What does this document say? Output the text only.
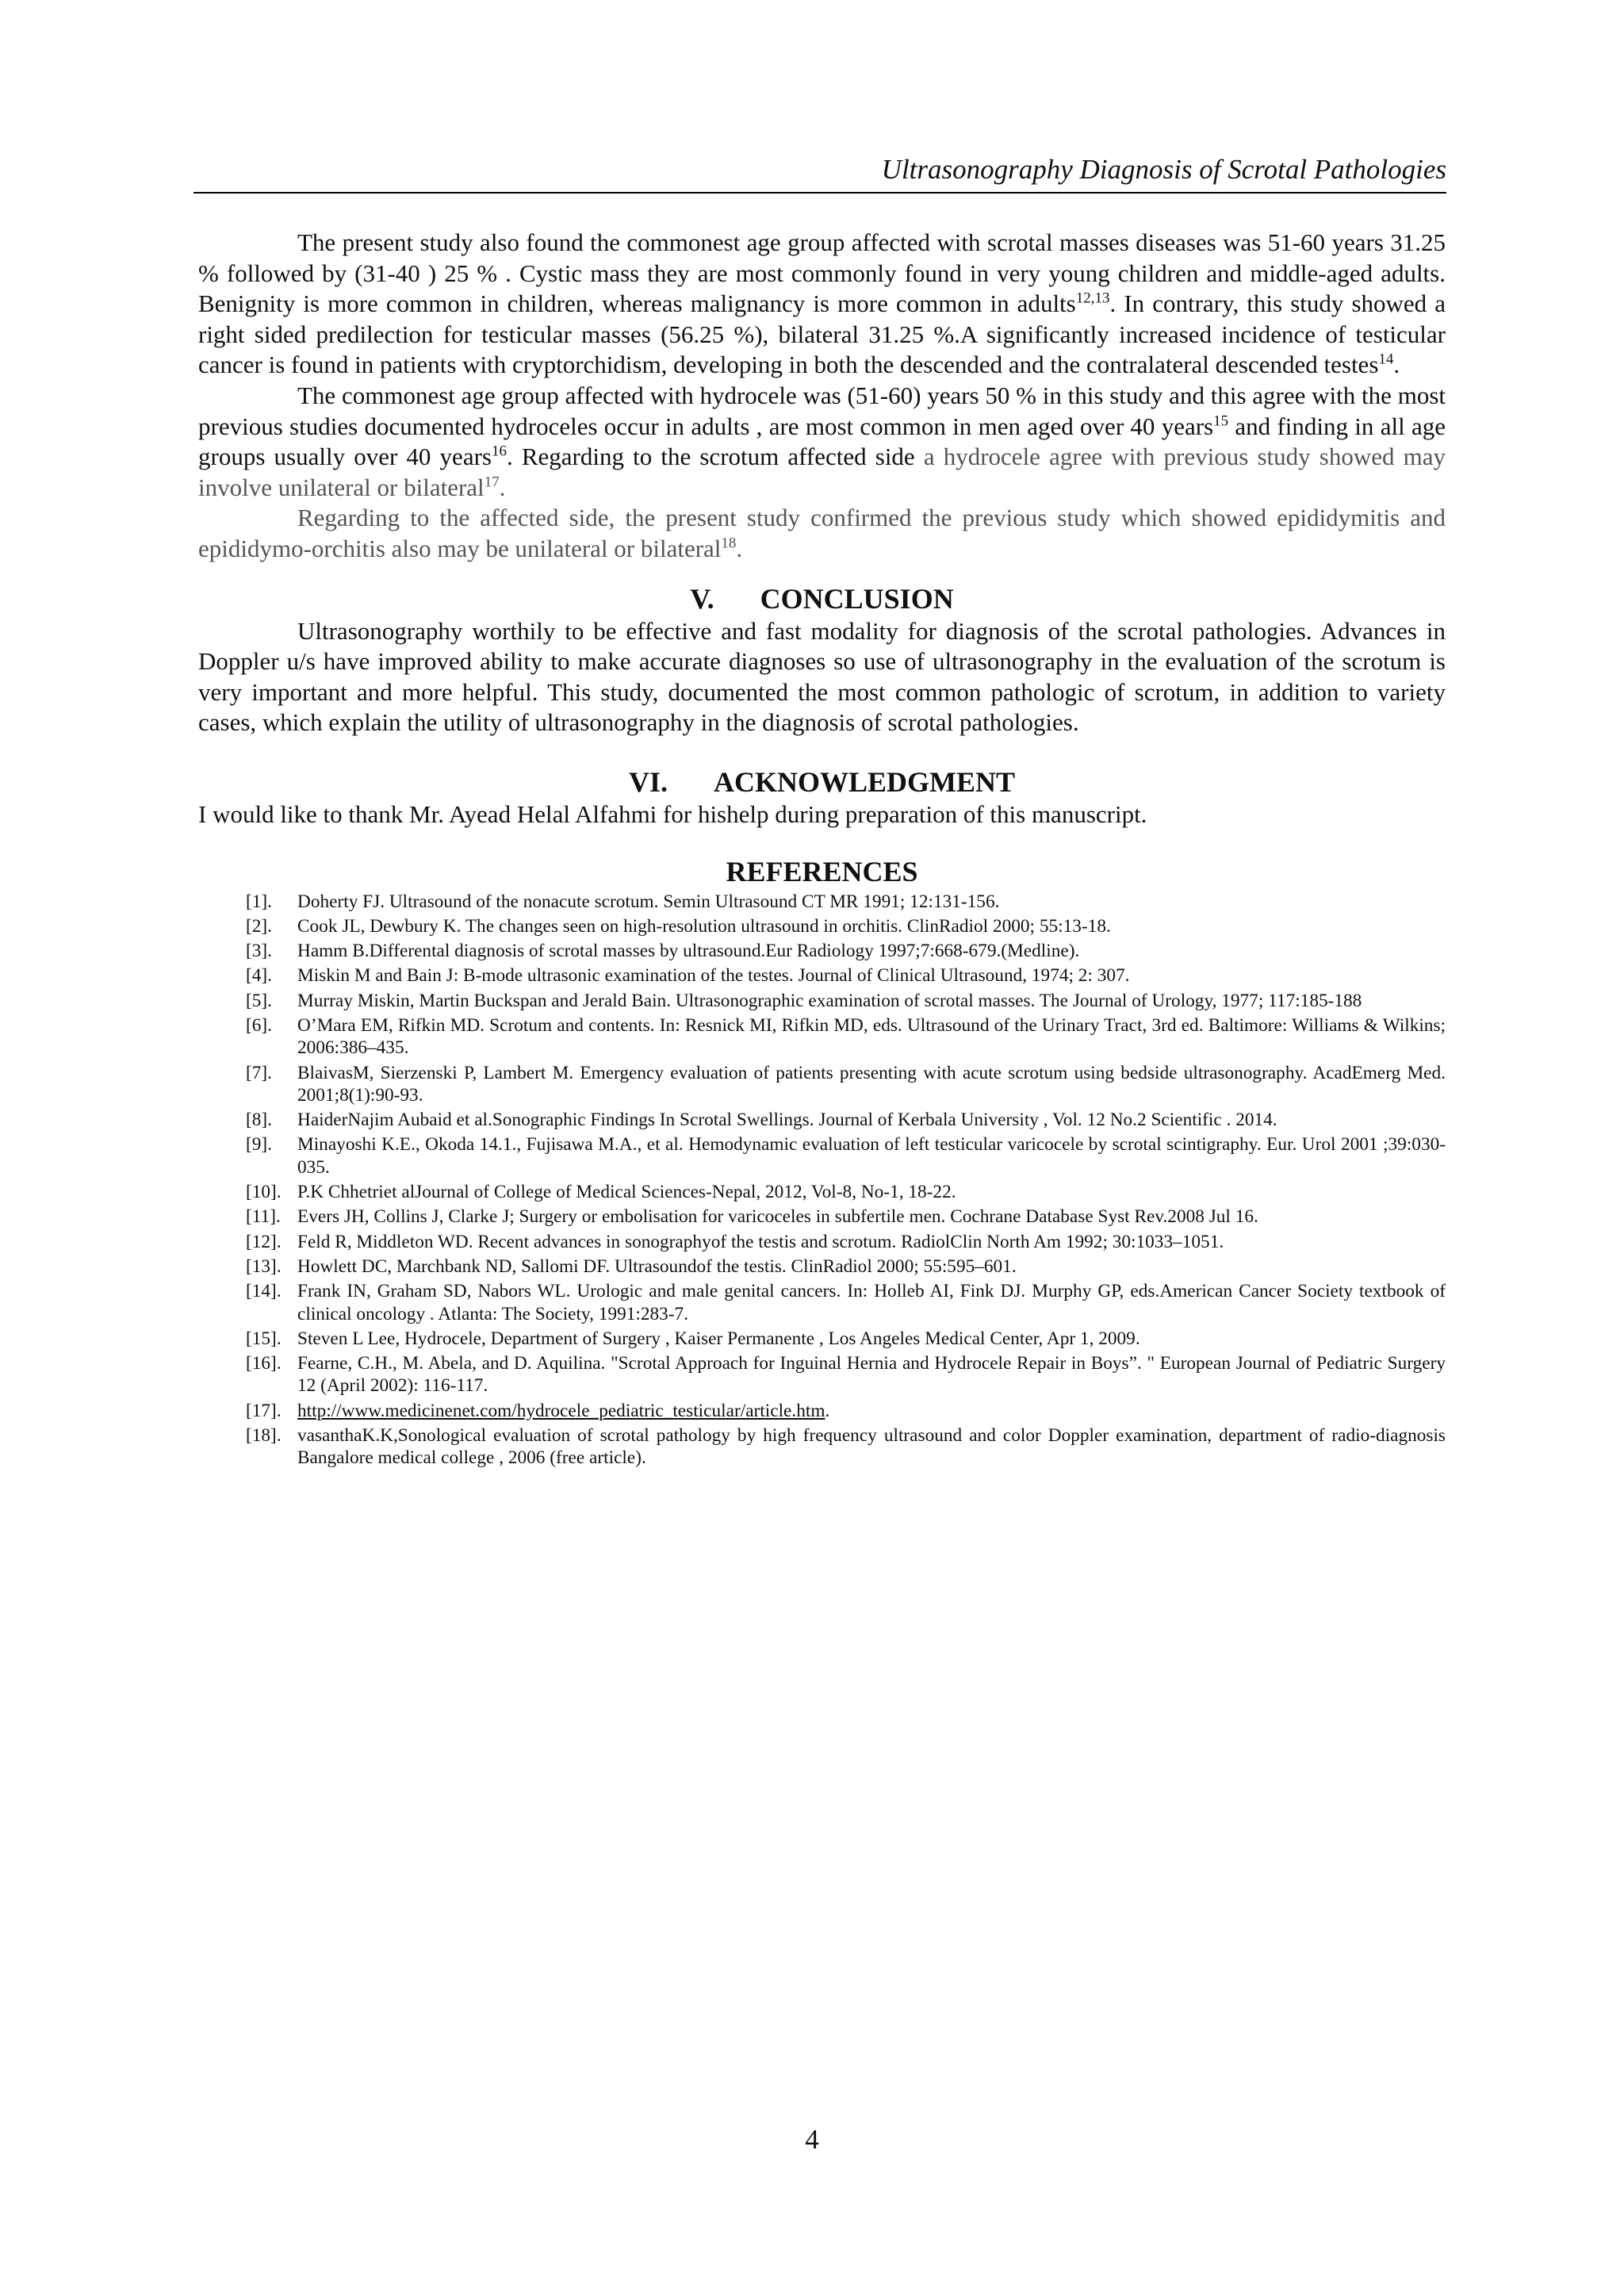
Ultrasonography Diagnosis of Scrotal Pathologies

The present study also found the commonest age group affected with scrotal masses diseases was 51-60 years 31.25 % followed by (31-40 ) 25 % . Cystic mass they are most commonly found in very young children and middle-aged adults. Benignity is more common in children, whereas malignancy is more common in adults$^{12,13}$. In contrary, this study showed a right sided predilection for testicular masses (56.25 %), bilateral 31.25 %.A significantly increased incidence of testicular cancer is found in patients with cryptorchidism, developing in both the descended and the contralateral descended testes$^{14}$.

The commonest age group affected with hydrocele was (51-60) years 50 % in this study and this agree with the most previous studies documented hydroceles occur in adults , are most common in men aged over 40 years$^{15}$ and finding in all age groups usually over 40 years$^{16}$. Regarding to the scrotum affected side a hydrocele agree with previous study showed may involve unilateral or bilateral$^{17}$.

Regarding to the affected side, the present study confirmed the previous study which showed epididymitis and epididymo-orchitis also may be unilateral or bilateral$^{18}$.

V. CONCLUSION

Ultrasonography worthily to be effective and fast modality for diagnosis of the scrotal pathologies. Advances in Doppler u/s have improved ability to make accurate diagnoses so use of ultrasonography in the evaluation of the scrotum is very important and more helpful. This study, documented the most common pathologic of scrotum, in addition to variety cases, which explain the utility of ultrasonography in the diagnosis of scrotal pathologies.

VI. ACKNOWLEDGMENT

I would like to thank Mr. Ayead Helal Alfahmi for hishelp during preparation of this manuscript.

REFERENCES
[1].	Doherty FJ. Ultrasound of the nonacute scrotum. Semin Ultrasound CT MR 1991; 12:131-156.
[2].	Cook JL, Dewbury K. The changes seen on high-resolution ultrasound in orchitis. ClinRadiol 2000; 55:13-18.
[3].	Hamm B.Differental diagnosis of scrotal masses by ultrasound.Eur Radiology 1997;7:668-679.(Medline).
[4].	Miskin M and Bain J: B-mode ultrasonic examination of the testes. Journal of Clinical Ultrasound, 1974; 2: 307.
[5].	Murray Miskin, Martin Buckspan and Jerald Bain. Ultrasonographic examination of scrotal masses. The Journal of Urology, 1977; 117:185-188
[6].	O’Mara EM, Rifkin MD. Scrotum and contents. In: Resnick MI, Rifkin MD, eds. Ultrasound of the Urinary Tract, 3rd ed. Baltimore: Williams & Wilkins; 2006:386–435.
[7].	BlaivasM, Sierzenski P, Lambert M. Emergency evaluation of patients presenting with acute scrotum using bedside ultrasonography. AcadEmerg Med. 2001;8(1):90-93.
[8].	HaiderNajim Aubaid et al.Sonographic Findings In Scrotal Swellings. Journal of Kerbala University , Vol. 12 No.2 Scientific . 2014.
[9].	Minayoshi K.E., Okoda 14.1., Fujisawa M.A., et al. Hemodynamic evaluation of left testicular varicocele by scrotal scintigraphy. Eur. Urol 2001 ;39:030-035.
[10]. P.K Chhetriet alJournal of College of Medical Sciences-Nepal, 2012, Vol-8, No-1, 18-22.
[11]. Evers JH, Collins J, Clarke J; Surgery or embolisation for varicoceles in subfertile men. Cochrane Database Syst Rev.2008 Jul 16.
[12]. Feld R, Middleton WD. Recent advances in sonographyof the testis and scrotum. RadiolClin North Am 1992; 30:1033–1051.
[13]. Howlett DC, Marchbank ND, Sallomi DF. Ultrasoundof the testis. ClinRadiol 2000; 55:595–601.
[14]. Frank IN, Graham SD, Nabors WL. Urologic and male genital cancers. In: Holleb AI, Fink DJ. Murphy GP, eds.American Cancer Society textbook of clinical oncology . Atlanta: The Society, 1991:283-7.
[15]. Steven L Lee, Hydrocele, Department of Surgery , Kaiser Permanente , Los Angeles Medical Center, Apr 1, 2009.
[16]. Fearne, C.H., M. Abela, and D. Aquilina. "Scrotal Approach for Inguinal Hernia and Hydrocele Repair in Boys”. " European Journal of Pediatric Surgery 12 (April 2002): 116-117.
[17]. http://www.medicinenet.com/hydrocele_pediatric_testicular/article.htm.
[18]. vasanthaK.K,Sonological evaluation of scrotal pathology by high frequency ultrasound and color Doppler examination, department of radio-diagnosis Bangalore medical college , 2006 (free article).
4
